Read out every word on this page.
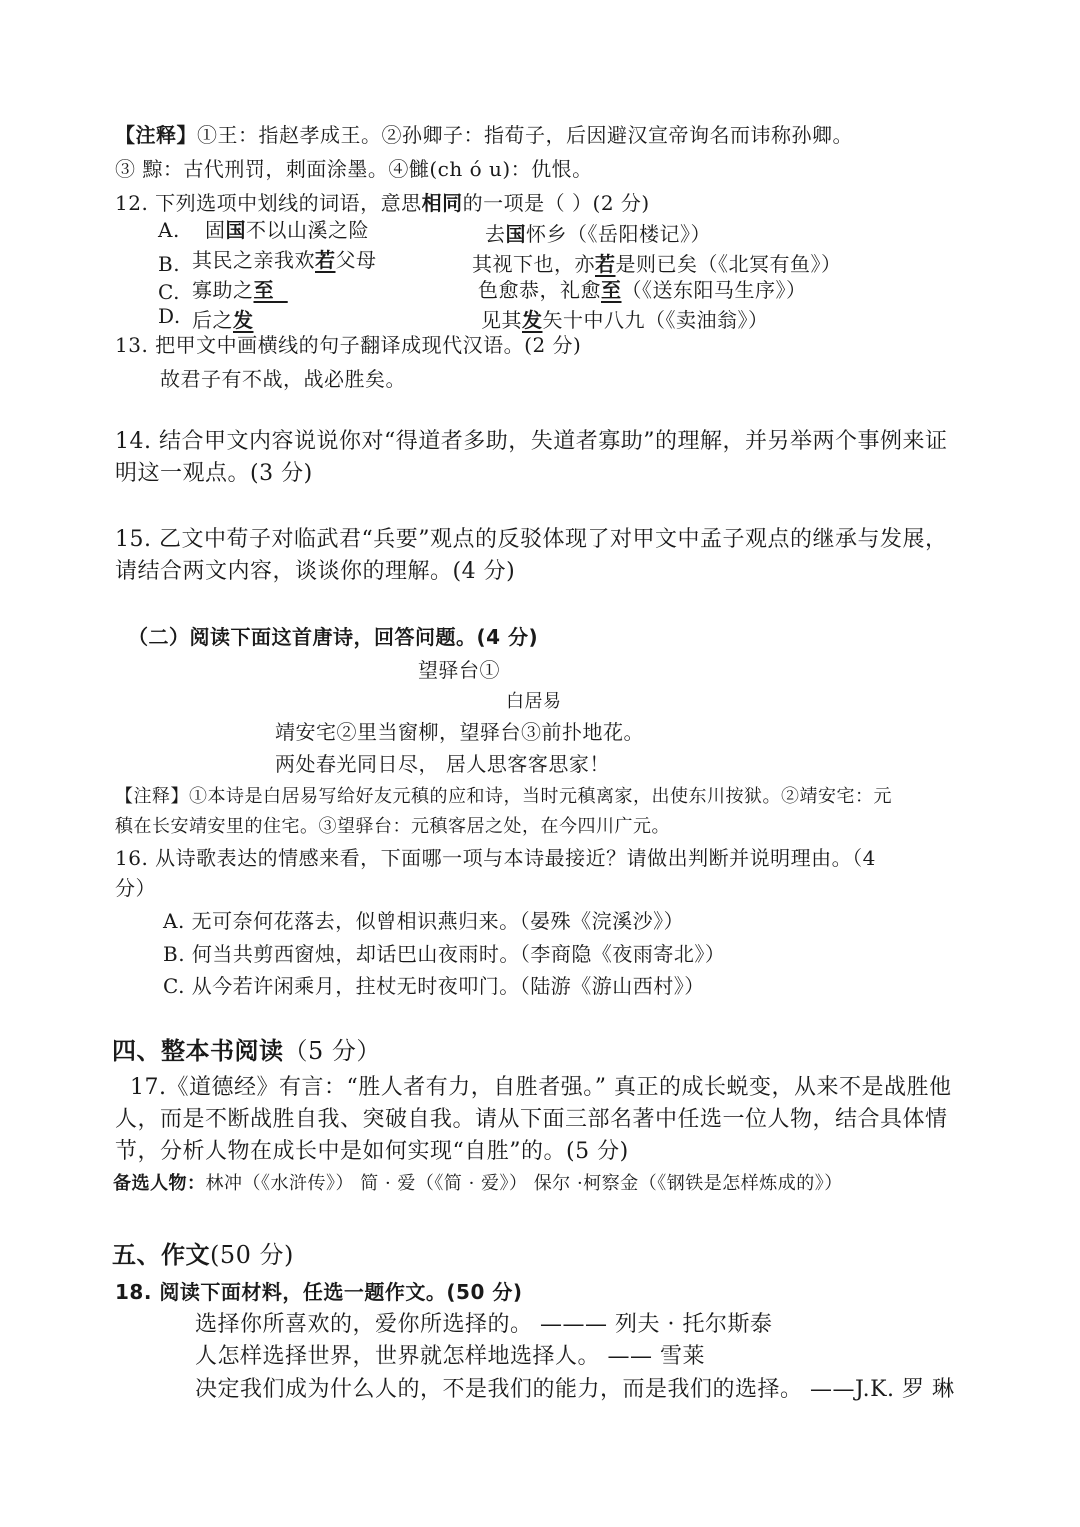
【注释】①王：指赵孝成王。②孙卿子：指荀子，后因避汉宣帝询名而讳称孙卿。
③ 黥：古代刑罚，刺面涂墨。④雠(ch ó u)：仇恨。
12. 下列选项中划线的词语，意思相同的一项是（ ）(2 分)
A. 固国不以山溪之险	去国怀乡（《岳阳楼记》）
B. 其民之亲我欢若父母	其视下也，亦若是则已矣（《北冥有鱼》）
C. 寡助之至	色愈恭，礼愈至（《送东阳马生序》）
D. 后之发	见其发矢十中八九（《卖油翁》）
13. 把甲文中画横线的句子翻译成现代汉语。(2 分)
故君子有不战，战必胜矣。
14. 结合甲文内容说说你对“得道者多助，失道者寡助”的理解，并另举两个事例来证
明这一观点。(3 分)
15. 乙文中荀子对临武君“兵要”观点的反驳体现了对甲文中孟子观点的继承与发展，
请结合两文内容，谈谈你的理解。(4 分)
（二）阅读下面这首唐诗，回答问题。(4 分)
望驿台①
白居易
靖安宅②里当窗柳，望驿台③前扑地花。
两处春光同日尽， 居人思客客思家！
【注释】①本诗是白居易写给好友元稹的应和诗，当时元稹离家，出使东川按狱。②靖安宅：元
稹在长安靖安里的住宅。③望驿台：元稹客居之处，在今四川广元。
16. 从诗歌表达的情感来看，下面哪一项与本诗最接近？请做出判断并说明理由。（4
分）
A. 无可奈何花落去，似曾相识燕归来。（晏殊《浣溪沙》）
B. 何当共剪西窗烛，却话巴山夜雨时。（李商隐《夜雨寄北》）
C. 从今若许闲乘月，拄杖无时夜叩门。（陆游《游山西村》）
四、整本书阅读（5 分）
17.《道德经》有言：“胜人者有力，自胜者强。” 真正的成长蜕变，从来不是战胜他
人，而是不断战胜自我、突破自我。请从下面三部名著中任选一位人物，结合具体情
节，分析人物在成长中是如何实现“自胜”的。(5 分)
备选人物：林冲（《水浒传》） 简 · 爱（《简 · 爱》） 保尔 ·柯察金（《钢铁是怎样炼成的》）
五、作文(50 分)
18. 阅读下面材料，任选一题作文。(50 分)
选择你所喜欢的，爱你所选择的。 ——— 列夫 · 托尔斯泰
人怎样选择世界，世界就怎样地选择人。 —— 雪莱
决定我们成为什么人的，不是我们的能力，而是我们的选择。 ——J.K. 罗 琳
